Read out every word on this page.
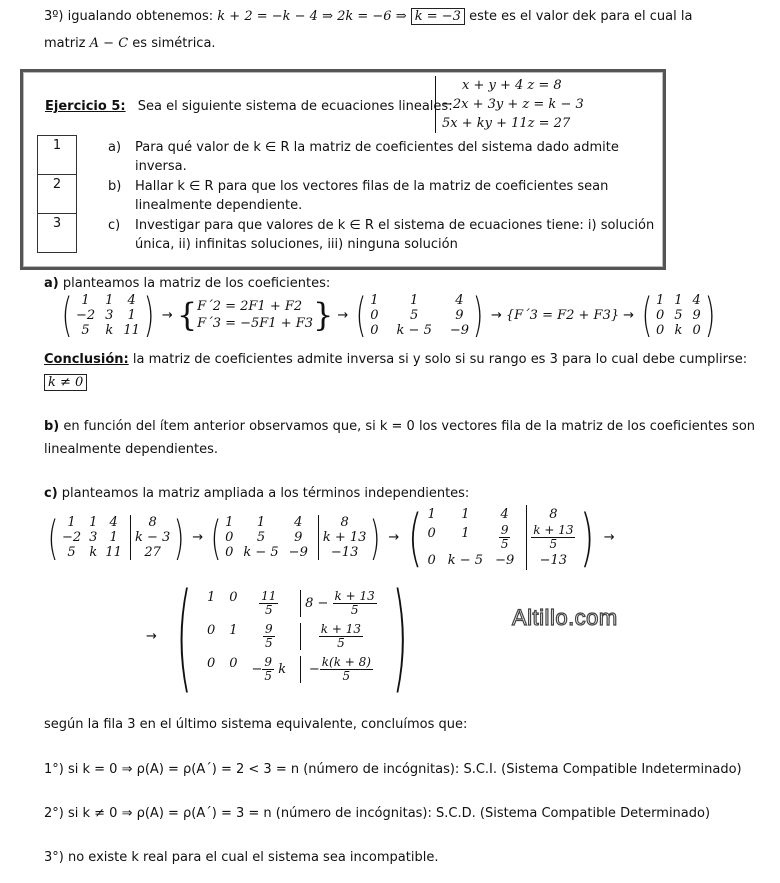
3º) igualando obtenemos: k + 2 = −k − 4 ⇒ 2k = −6 ⇒ k = −3 este es el valor dek para el cual la
matriz A − C es simétrica.
Ejercicio 5: Sea el siguiente sistema de ecuaciones lineales:
x + y + 4 z = 8
−2x + 3y + z = k − 3
5x + ky + 11z = 27
1
2
3
a) Para qué valor de k ∈ R la matriz de coeficientes del sistema dado admite

inversa.
b) Hallar k ∈ R para que los vectores filas de la matriz de coeficientes sean

linealmente dependiente.
c) Investigar para que valores de k ∈ R el sistema de ecuaciones tiene: i) solución

única, ii) infinitas soluciones, iii) ninguna solución
a) planteamos la matriz de los coeficientes:
( 1	1	4
−2 3	1
5	k 11 ) → { F´2 = 2F1 + F2
F´3 = −5F1 + F3 } → ( 1	1	4
0	5	9
0 k − 5 −9 ) → {F´3 = F2 + F3} → ( 1 1 4
0 5 9
0 k 0 )
Conclusión: la matriz de coeficientes admite inversa si y solo si su rango es 3 para lo cual debe cumplirse:
k ≠ 0
b) en función del ítem anterior observamos que, si k = 0 los vectores fila de la matriz de los coeficientes son
linealmente dependientes.
c) planteamos la matriz ampliada a los términos independientes:
( 1	1 4	8
−2 3 1	k − 3
5	k 11	27 ) → ( 1	1	4	8
0	5	9	k + 13
0 k − 5 −9	−13 ) → ( 1	1	4	8
0	1	$\frac{9}{5} \frac{k + 13}{5}$
0 k − 5 −9	−13 ) →
→ ( 1 $0 \frac{11}{5}$	$8 - \frac{k + 13}{5}$
0 $1 \frac{9}{5}$	$\frac{k + 13}{5}$
0 $0 - \frac{9}{5}$ k	− $\frac{k(k + 8)}{5}$ )	Altillo.com
según la fila 3 en el último sistema equivalente, concluímos que:
1°) si k = 0 ⇒ ρ(A) = ρ(A´) = 2 < 3 = n (número de incógnitas): S.C.I. (Sistema Compatible Indeterminado)
2°) si k ≠ 0 ⇒ ρ(A) = ρ(A´) = 3 = n (número de incógnitas): S.C.D. (Sistema Compatible Determinado)
3°) no existe k real para el cual el sistema sea incompatible.
